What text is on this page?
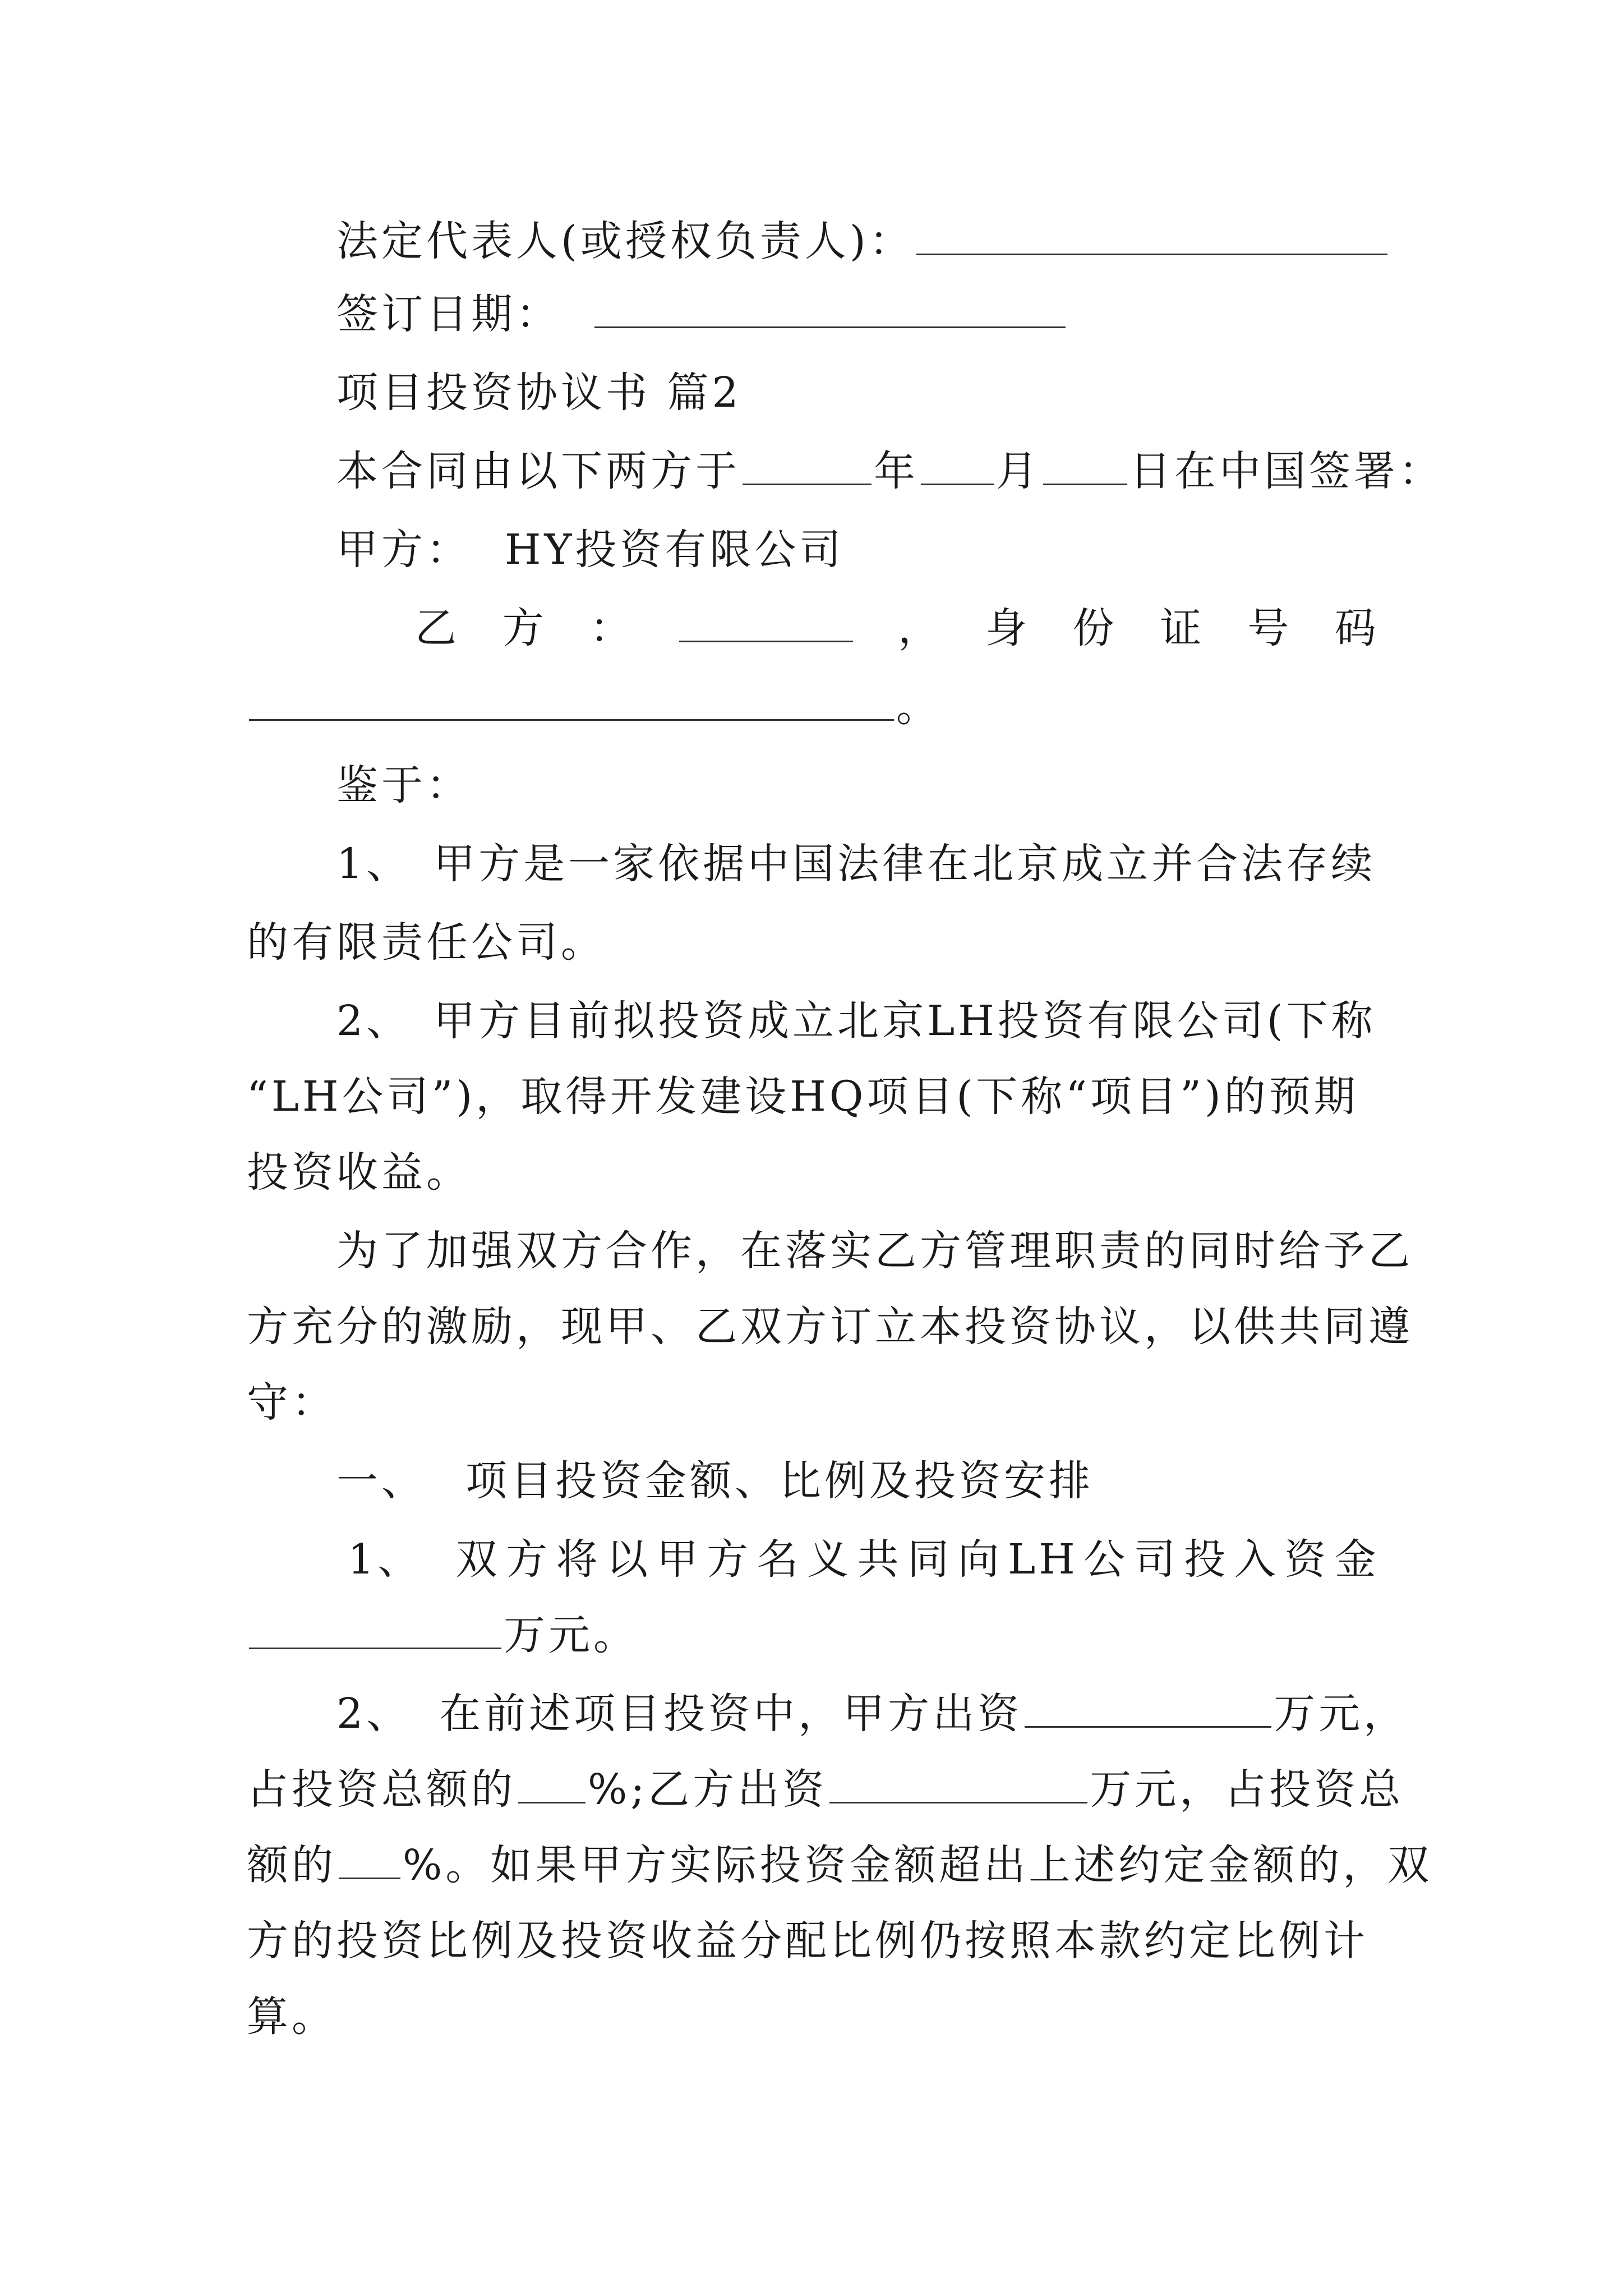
法定代表人(或授权负责人)：
签订日期：
项目投资协议书 篇2
本合同由以下两方于	年 月 日在中国签署：
甲方： HY投资有限公司
乙 方 ：	， 身 份 证 号 码
。
鉴于：
1、 甲方是一家依据中国法律在北京成立并合法存续
的有限责任公司。
2、 甲方目前拟投资成立北京LH投资有限公司(下称
“LH公司”)，取得开发建设HQ项目(下称“项目”)的预期
投资收益。
为了加强双方合作，在落实乙方管理职责的同时给予乙
方充分的激励，现甲、乙双方订立本投资协议，以供共同遵
守：
一、 项目投资金额、比例及投资安排
1、 双 方 将 以 甲 方 名 义 共 同 向 LH 公 司 投 入 资 金
万元。
2、 在前述项目投资中，甲方出资	万元，
占投资总额的 %;乙方出资	万元，占投资总
额的 %。如果甲方实际投资金额超出上述约定金额的，双
方的投资比例及投资收益分配比例仍按照本款约定比例计
算。
